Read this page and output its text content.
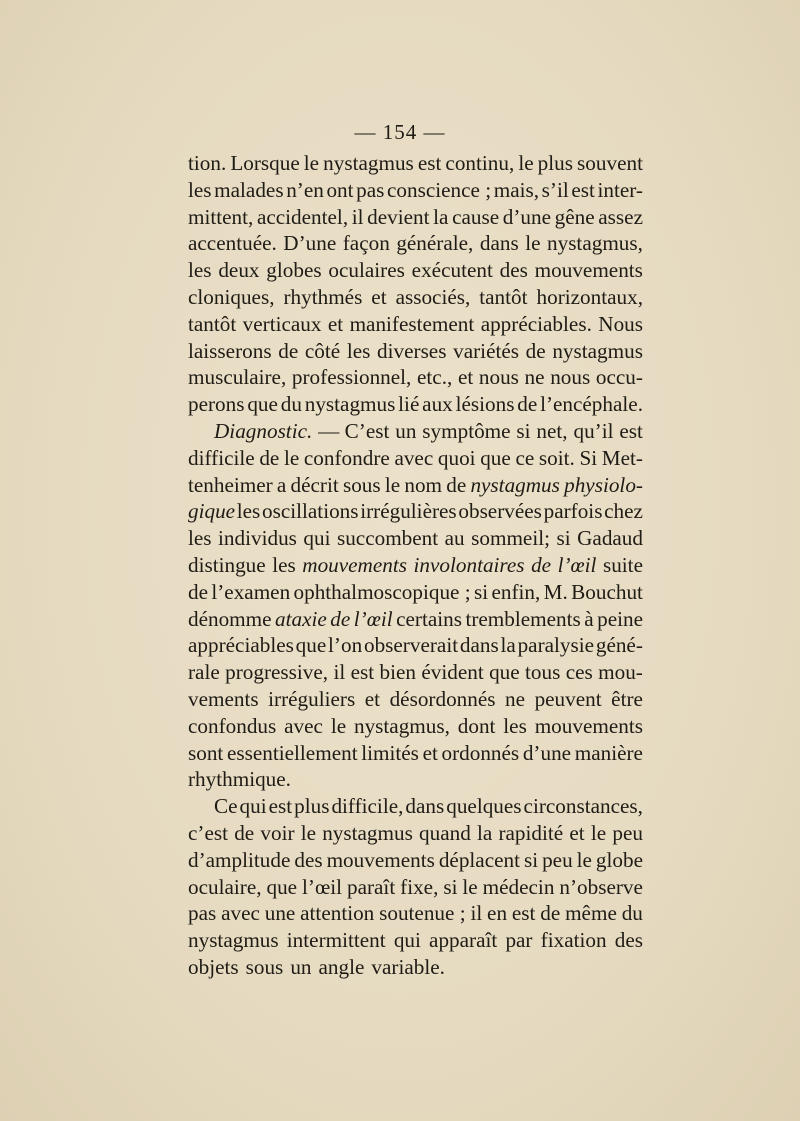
— 154 —
tion. Lorsque le nystagmus est continu, le plus souvent
les malades n’en ont pas conscience ; mais, s’il est inter-
mittent, accidentel, il devient la cause d’une gêne assez
accentuée. D’une façon générale, dans le nystagmus,
les deux globes oculaires exécutent des mouvements
cloniques, rhythmés et associés, tantôt horizontaux,
tantôt verticaux et manifestement appréciables. Nous
laisserons de côté les diverses variétés de nystagmus
musculaire, professionnel, etc., et nous ne nous occu-
perons que du nystagmus lié aux lésions de l’encéphale.
Diagnostic. — C’est un symptôme si net, qu’il est
difficile de le confondre avec quoi que ce soit. Si Met-
tenheimer a décrit sous le nom de nystagmus physiolo-
gique les oscillations irrégulières observées parfois chez
les individus qui succombent au sommeil; si Gadaud
distingue les mouvements involontaires de l’œil suite
de l’examen ophthalmoscopique ; si enfin, M. Bouchut
dénomme ataxie de l’œil certains tremblements à peine
appréciables que l’on observerait dans la paralysie géné-
rale progressive, il est bien évident que tous ces mou-
vements irréguliers et désordonnés ne peuvent être
confondus avec le nystagmus, dont les mouvements
sont essentiellement limités et ordonnés d’une manière
rhythmique.
Ce qui est plus difficile, dans quelques circonstances,
c’est de voir le nystagmus quand la rapidité et le peu
d’amplitude des mouvements déplacent si peu le globe
oculaire, que l’œil paraît fixe, si le médecin n’observe
pas avec une attention soutenue ; il en est de même du
nystagmus intermittent qui apparaît par fixation des
objets sous un angle variable.
